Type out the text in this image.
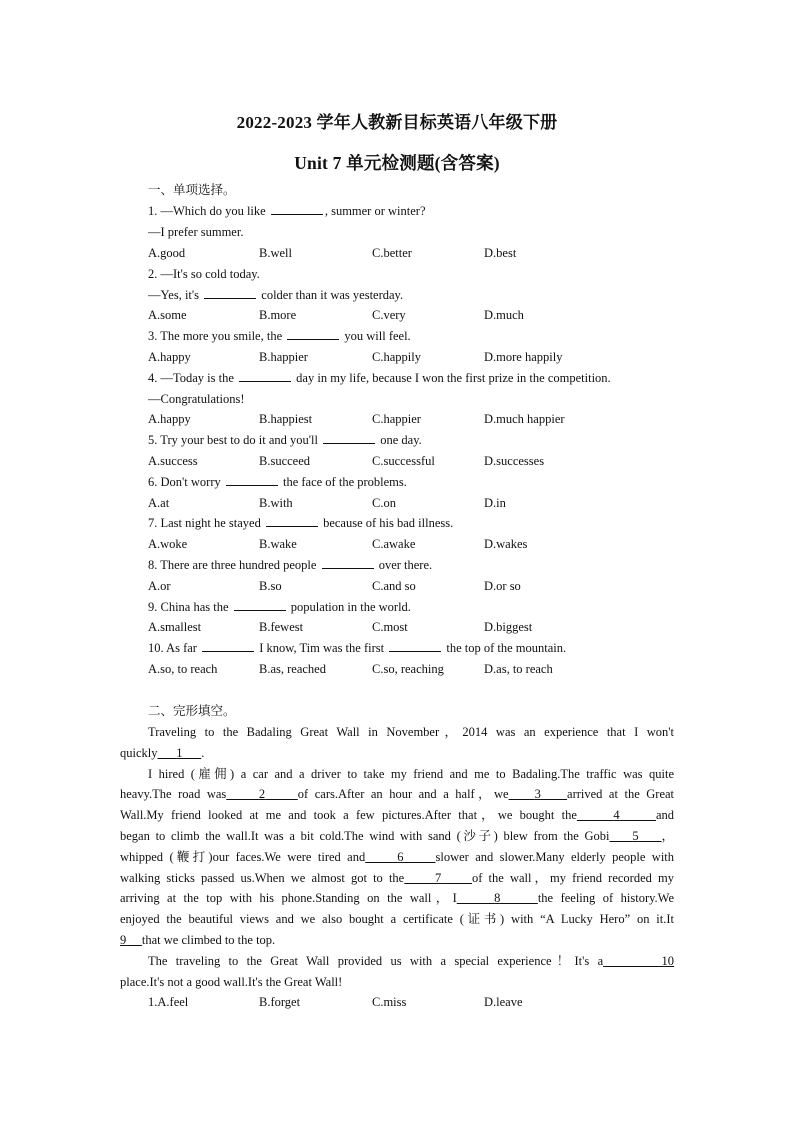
2022-2023 学年人教新目标英语八年级下册
Unit 7 单元检测题(含答案)
一、单项选择。
1. —Which do you like	, summer or winter?
—I prefer summer.
A.good	B.well	C.better	D.best
2. —It's so cold today.
—Yes, it's	colder than it was yesterday.
A.some	B.more	C.very	D.much
3. The more you smile, the	you will feel.
A.happy	B.happier	C.happily	D.more happily
4. —Today is the	day in my life, because I won the first prize in the competition.
—Congratulations!
A.happy	B.happiest	C.happier	D.much happier
5. Try your best to do it and you'll	one day.
A.success	B.succeed	C.successful	D.successes
6. Don't worry	the face of the problems.
A.at	B.with	C.on	D.in
7. Last night he stayed	because of his bad illness.
A.woke	B.wake	C.awake	D.wakes
8. There are three hundred people	over there.
A.or	B.so	C.and so	D.or so
9. China has the	population in the world.
A.smallest	B.fewest	C.most	D.biggest
10. As far	I know, Tim was the first	the top of the mountain.
A.so, to reach	B.as, reached	C.so, reaching	D.as, to reach
二、完形填空。
Traveling to the Badaling Great Wall in November，2014 was an experience that I won't
quickly 1 .
I hired (雇佣) a car and a driver to take my friend and me to Badaling.The traffic was quite
heavy.The road was	2	of cars.After an hour and a half，we 3 arrived at the Great
Wall.My friend looked at me and took a few pictures.After that，we bought the	4	and
began to climb the wall.It was a bit cold.The wind with sand (沙子) blew from the Gobi 5 ，
whipped (鞭打)our faces.We were tired and	6	slower and slower.Many elderly people with
walking sticks passed us.When we almost got to the 7 of the wall，my friend recorded my
arriving at the top with his phone.Standing on the wall，I	8	the feeling of history.We
enjoyed the beautiful views and we also bought a certificate (证书) with “A Lucky Hero” on it.It
9 that we climbed to the top.
The traveling to the Great Wall provided us with a special experience！It's a	10
place.It's not a good wall.It's the Great Wall!
1.A.feel	B.forget	C.miss	D.leave
